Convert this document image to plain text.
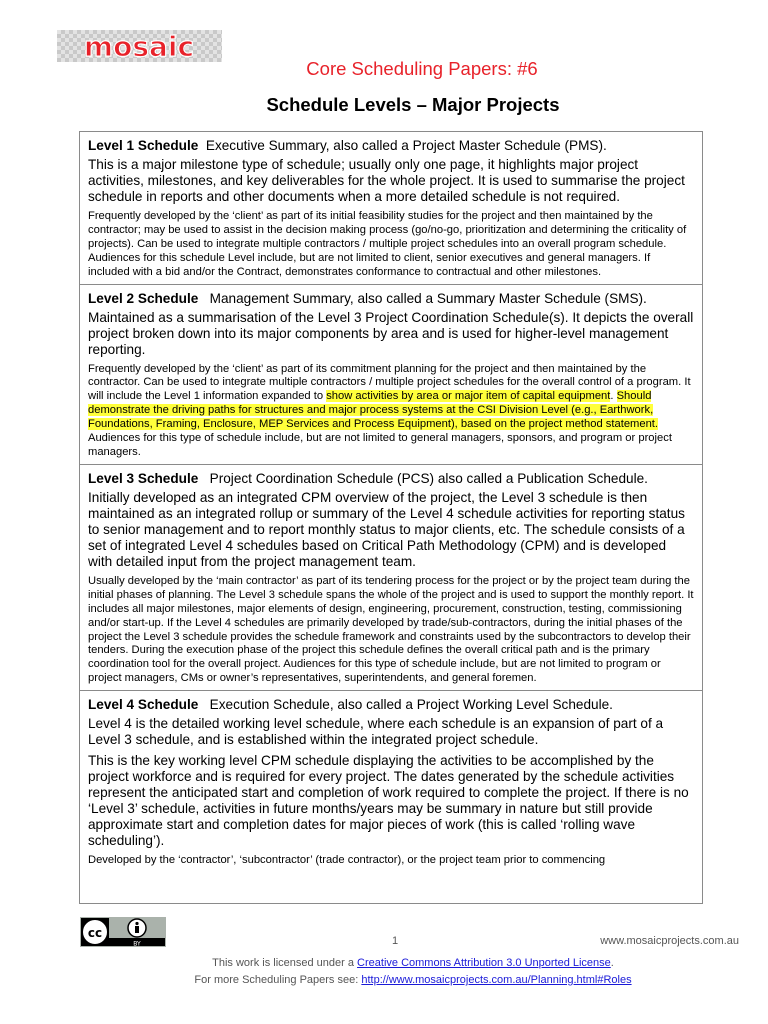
mosaic
Core Scheduling Papers: #6
Schedule Levels – Major Projects
Level 1 Schedule Executive Summary, also called a Project Master Schedule (PMS).
This is a major milestone type of schedule; usually only one page, it highlights major project activities, milestones, and key deliverables for the whole project. It is used to summarise the project schedule in reports and other documents when a more detailed schedule is not required.
Frequently developed by the ‘client’ as part of its initial feasibility studies for the project and then maintained by the contractor; may be used to assist in the decision making process (go/no-go, prioritization and determining the criticality of projects). Can be used to integrate multiple contractors / multiple project schedules into an overall program schedule. Audiences for this schedule Level include, but are not limited to client, senior executives and general managers. If included with a bid and/or the Contract, demonstrates conformance to contractual and other milestones.
Level 2 Schedule Management Summary, also called a Summary Master Schedule (SMS).
Maintained as a summarisation of the Level 3 Project Coordination Schedule(s). It depicts the overall project broken down into its major components by area and is used for higher-level management reporting.
Frequently developed by the ‘client’ as part of its commitment planning for the project and then maintained by the contractor. Can be used to integrate multiple contractors / multiple project schedules for the overall control of a program. It will include the Level 1 information expanded to show activities by area or major item of capital equipment. Should demonstrate the driving paths for structures and major process systems at the CSI Division Level (e.g., Earthwork, Foundations, Framing, Enclosure, MEP Services and Process Equipment), based on the project method statement. Audiences for this type of schedule include, but are not limited to general managers, sponsors, and program or project managers.
Level 3 Schedule Project Coordination Schedule (PCS) also called a Publication Schedule.
Initially developed as an integrated CPM overview of the project, the Level 3 schedule is then maintained as an integrated rollup or summary of the Level 4 schedule activities for reporting status to senior management and to report monthly status to major clients, etc. The schedule consists of a set of integrated Level 4 schedules based on Critical Path Methodology (CPM) and is developed with detailed input from the project management team.
Usually developed by the ‘main contractor’ as part of its tendering process for the project or by the project team during the initial phases of planning. The Level 3 schedule spans the whole of the project and is used to support the monthly report. It includes all major milestones, major elements of design, engineering, procurement, construction, testing, commissioning and/or start-up. If the Level 4 schedules are primarily developed by trade/sub-contractors, during the initial phases of the project the Level 3 schedule provides the schedule framework and constraints used by the subcontractors to develop their tenders. During the execution phase of the project this schedule defines the overall critical path and is the primary coordination tool for the overall project. Audiences for this type of schedule include, but are not limited to program or project managers, CMs or owner’s representatives, superintendents, and general foremen.
Level 4 Schedule Execution Schedule, also called a Project Working Level Schedule.
Level 4 is the detailed working level schedule, where each schedule is an expansion of part of a Level 3 schedule, and is established within the integrated project schedule.
This is the key working level CPM schedule displaying the activities to be accomplished by the project workforce and is required for every project. The dates generated by the schedule activities represent the anticipated start and completion of work required to complete the project. If there is no ‘Level 3’ schedule, activities in future months/years may be summary in nature but still provide approximate start and completion dates for major pieces of work (this is called ‘rolling wave scheduling’).
Developed by the ‘contractor’, ‘subcontractor’ (trade contractor), or the project team prior to commencing
cc
BY	1	www.mosaicprojects.com.au
This work is licensed under a Creative Commons Attribution 3.0 Unported License.
For more Scheduling Papers see: http://www.mosaicprojects.com.au/Planning.html#Roles
